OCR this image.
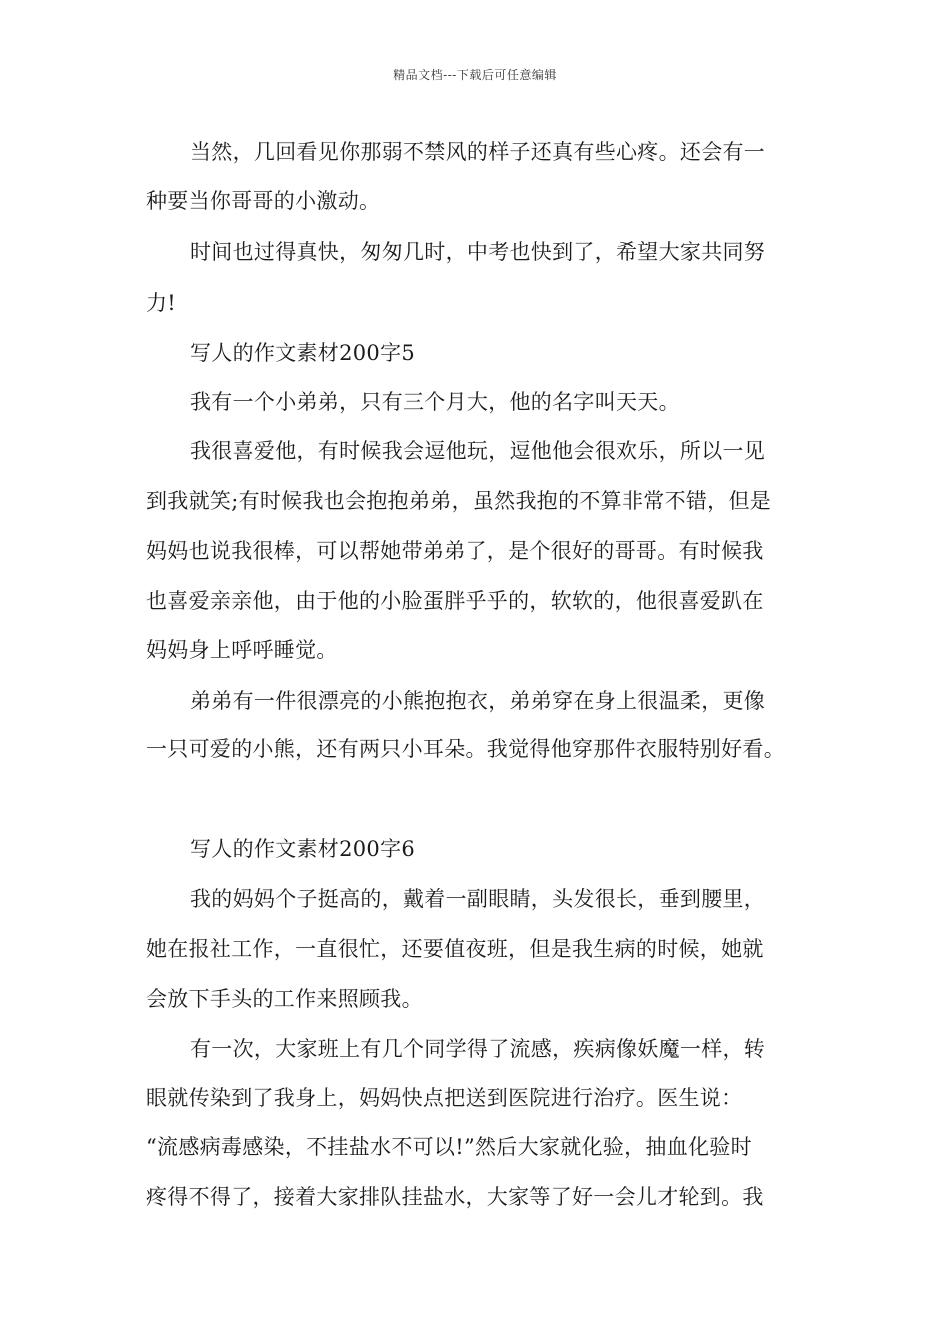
精品文档---下载后可任意编辑
当然，几回看见你那弱不禁风的样子还真有些心疼。还会有一
种要当你哥哥的小激动。
时间也过得真快，匆匆几时，中考也快到了，希望大家共同努
力!
写人的作文素材200字5
我有一个小弟弟，只有三个月大，他的名字叫天天。
我很喜爱他，有时候我会逗他玩，逗他他会很欢乐，所以一见
到我就笑;有时候我也会抱抱弟弟，虽然我抱的不算非常不错，但是
妈妈也说我很棒，可以帮她带弟弟了，是个很好的哥哥。有时候我
也喜爱亲亲他，由于他的小脸蛋胖乎乎的，软软的，他很喜爱趴在
妈妈身上呼呼睡觉。
弟弟有一件很漂亮的小熊抱抱衣，弟弟穿在身上很温柔，更像
一只可爱的小熊，还有两只小耳朵。我觉得他穿那件衣服特别好看。
写人的作文素材200字6
我的妈妈个子挺高的，戴着一副眼睛，头发很长，垂到腰里，
她在报社工作，一直很忙，还要值夜班，但是我生病的时候，她就
会放下手头的工作来照顾我。
有一次，大家班上有几个同学得了流感，疾病像妖魔一样，转
眼就传染到了我身上，妈妈快点把送到医院进行治疗。医生说：
“流感病毒感染，不挂盐水不可以!”然后大家就化验，抽血化验时
疼得不得了，接着大家排队挂盐水，大家等了好一会儿才轮到。我
